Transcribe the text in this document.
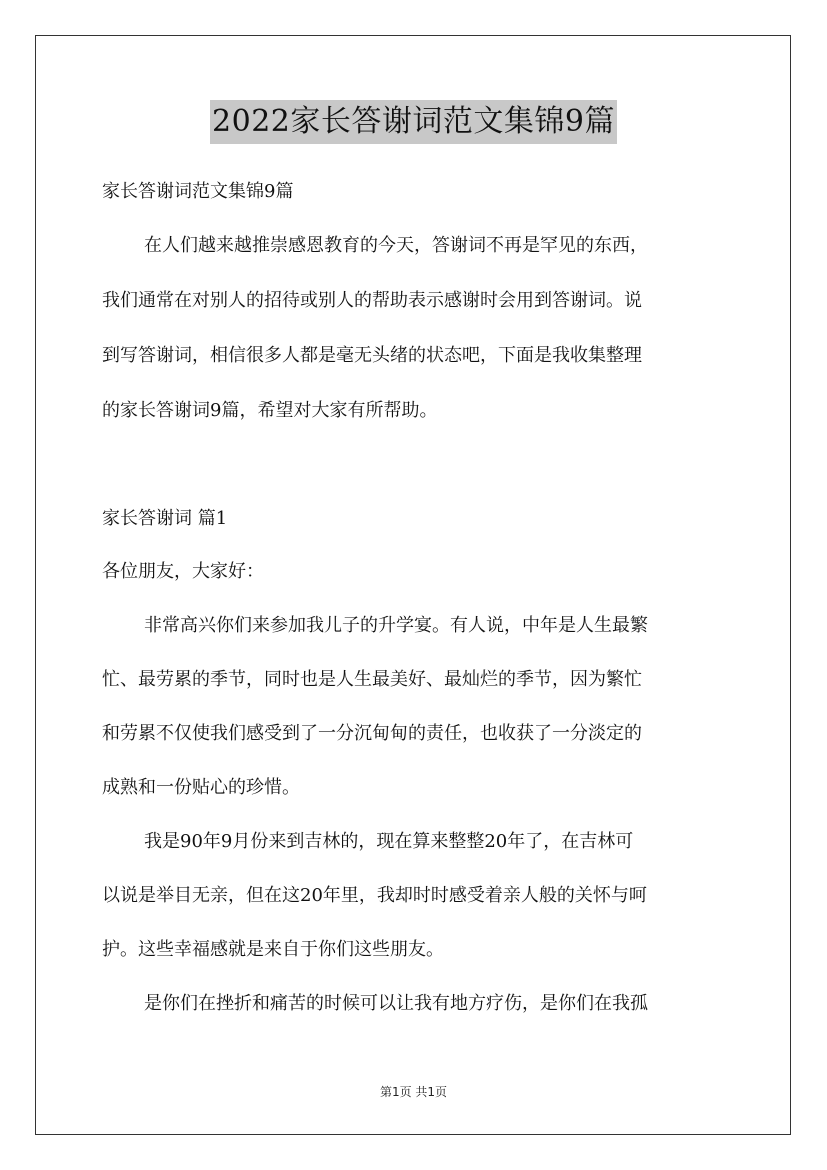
2022家长答谢词范文集锦9篇
家长答谢词范文集锦9篇
在人们越来越推崇感恩教育的今天，答谢词不再是罕见的东西，
我们通常在对别人的招待或别人的帮助表示感谢时会用到答谢词。说
到写答谢词，相信很多人都是毫无头绪的状态吧，下面是我收集整理
的家长答谢词9篇，希望对大家有所帮助。
家长答谢词 篇1
各位朋友，大家好：
非常高兴你们来参加我儿子的升学宴。有人说，中年是人生最繁
忙、最劳累的季节，同时也是人生最美好、最灿烂的季节，因为繁忙
和劳累不仅使我们感受到了一分沉甸甸的责任，也收获了一分淡定的
成熟和一份贴心的珍惜。
我是90年9月份来到吉林的，现在算来整整20年了，在吉林可
以说是举目无亲，但在这20年里，我却时时感受着亲人般的关怀与呵
护。这些幸福感就是来自于你们这些朋友。
是你们在挫折和痛苦的时候可以让我有地方疗伤，是你们在我孤
第1页 共1页
